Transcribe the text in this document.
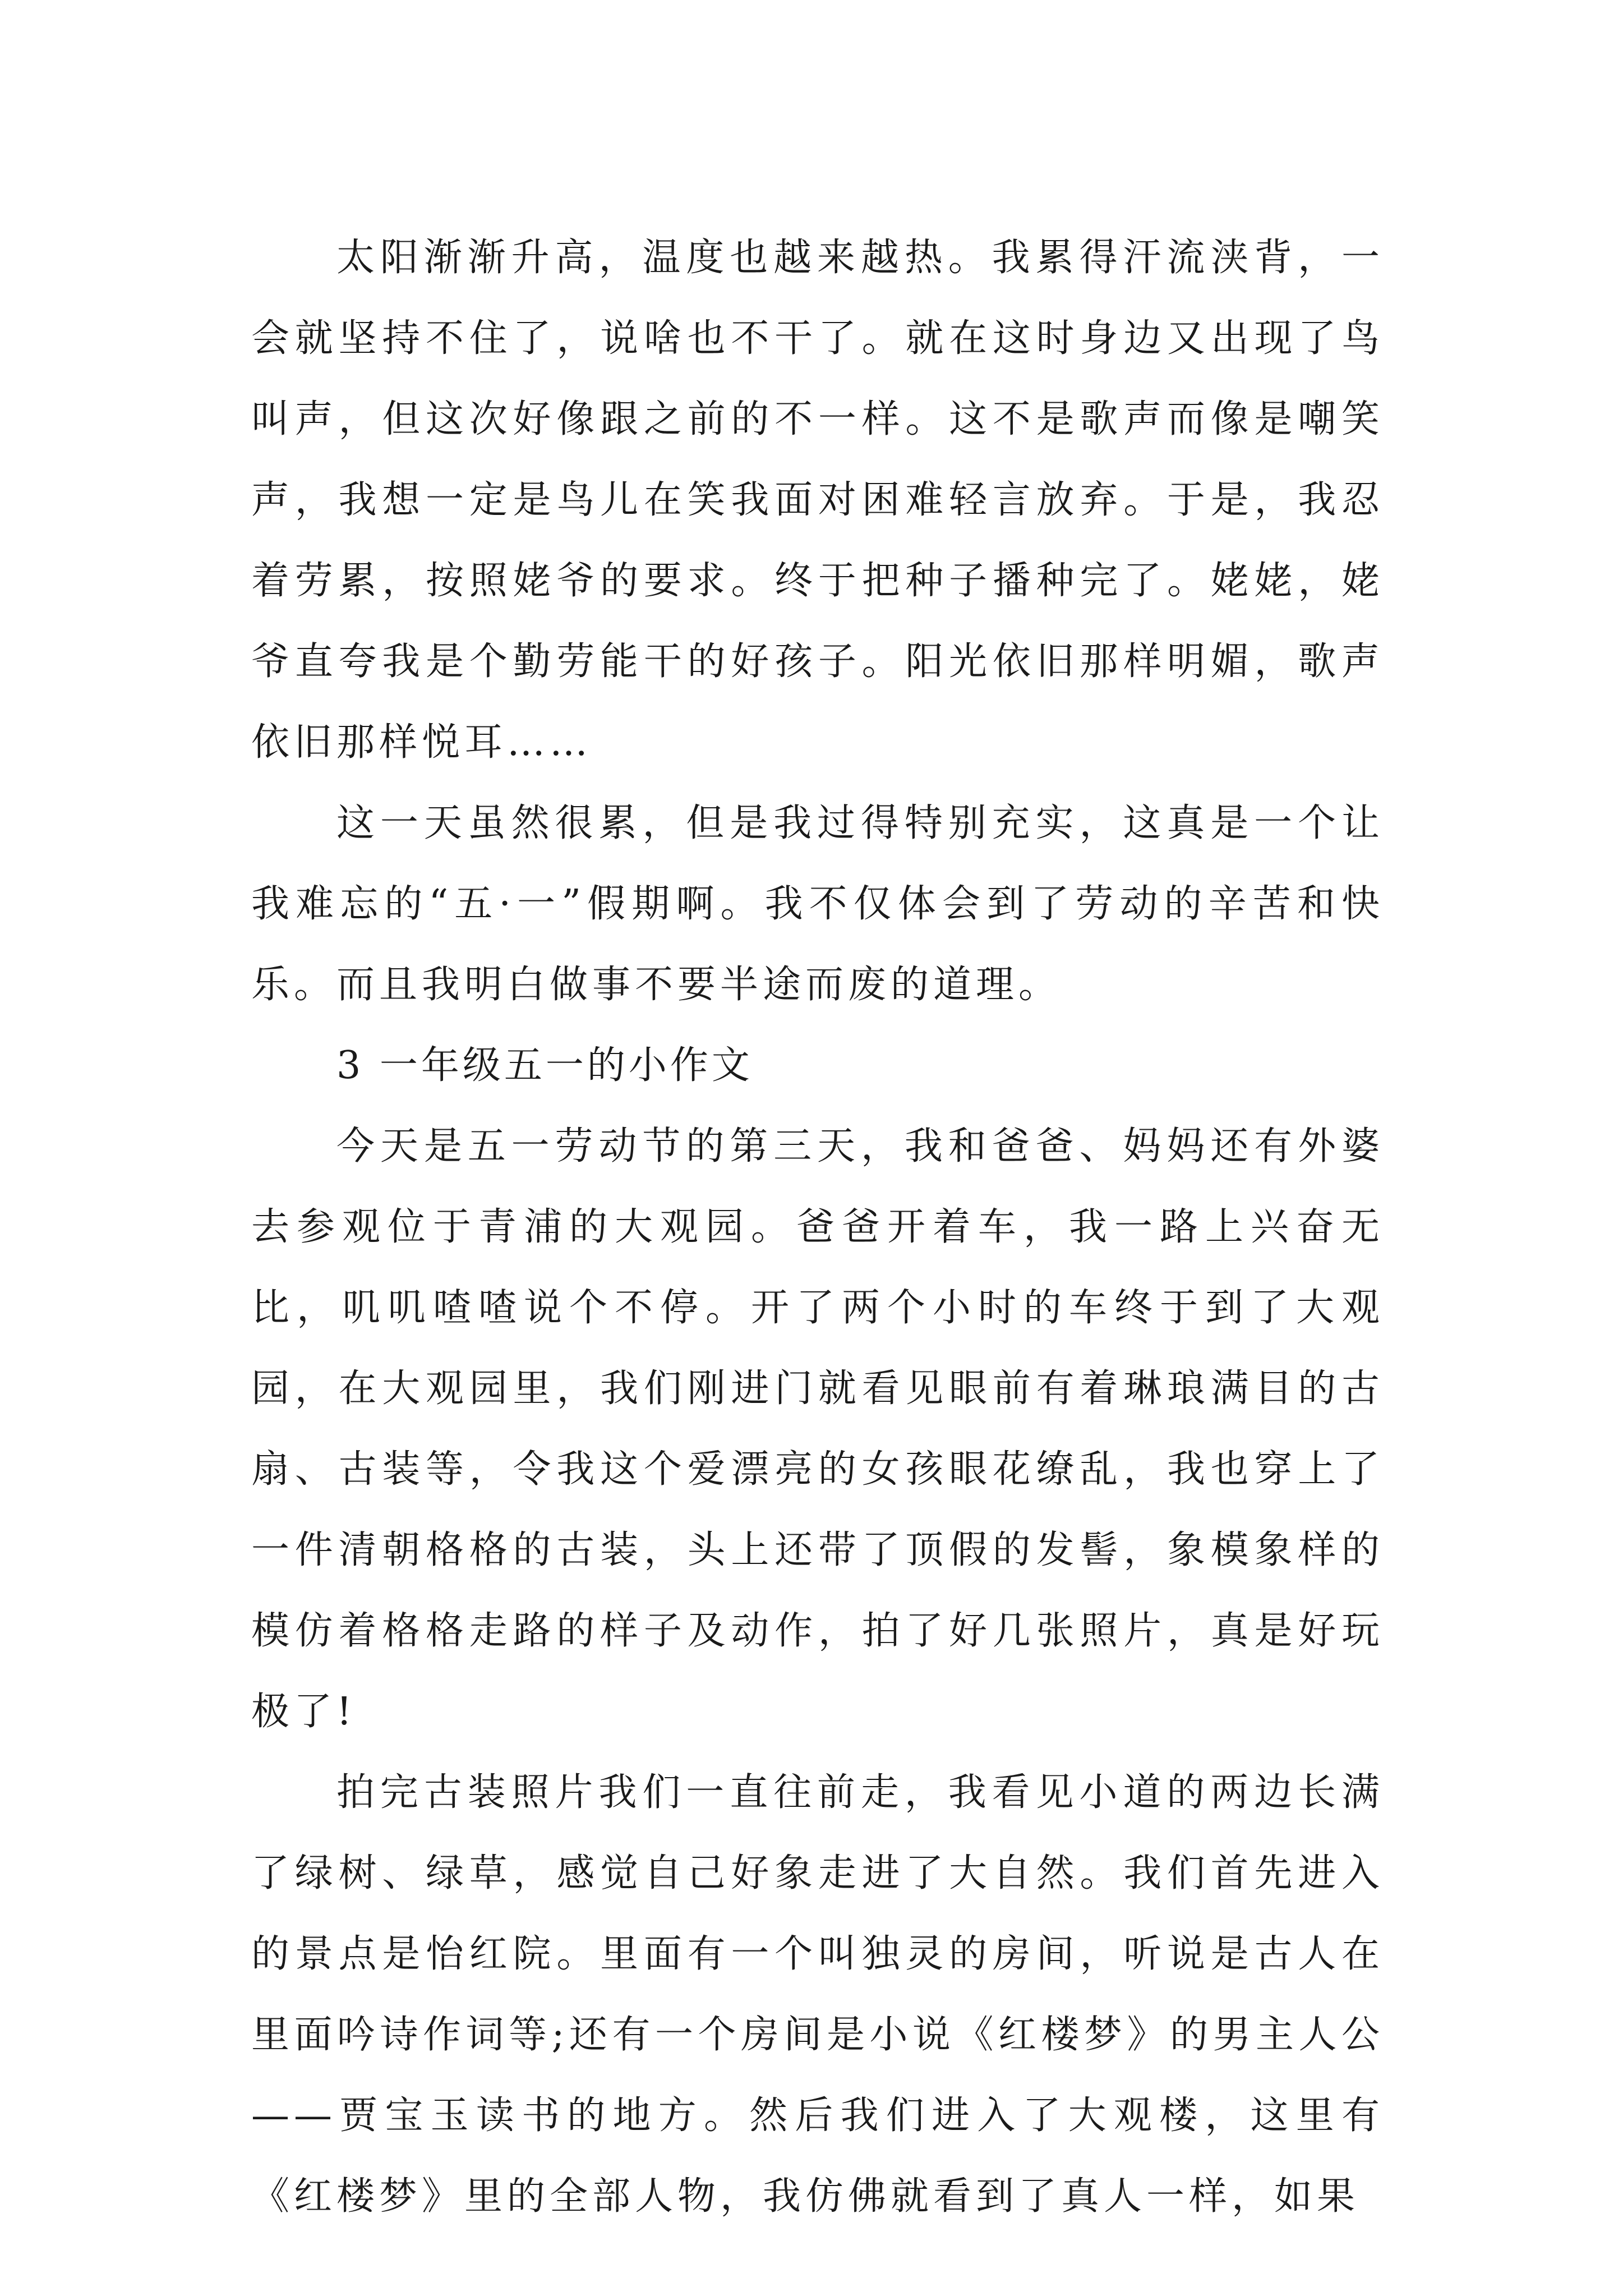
太阳渐渐升高，温度也越来越热。我累得汗流浃背，一会就坚持不住了，说啥也不干了。就在这时身边又出现了鸟叫声，但这次好像跟之前的不一样。这不是歌声而像是嘲笑声，我想一定是鸟儿在笑我面对困难轻言放弃。于是，我忍着劳累，按照姥爷的要求。终于把种子播种完了。姥姥，姥爷直夸我是个勤劳能干的好孩子。阳光依旧那样明媚，歌声依旧那样悦耳……

这一天虽然很累，但是我过得特别充实，这真是一个让我难忘的“五·一”假期啊。我不仅体会到了劳动的辛苦和快乐。而且我明白做事不要半途而废的道理。

3 一年级五一的小作文

今天是五一劳动节的第三天，我和爸爸、妈妈还有外婆去参观位于青浦的大观园。爸爸开着车，我一路上兴奋无比，叽叽喳喳说个不停。开了两个小时的车终于到了大观园，在大观园里，我们刚进门就看见眼前有着琳琅满目的古扇、古装等，令我这个爱漂亮的女孩眼花缭乱，我也穿上了一件清朝格格的古装，头上还带了顶假的发髻，象模象样的模仿着格格走路的样子及动作，拍了好几张照片，真是好玩极了!

拍完古装照片我们一直往前走，我看见小道的两边长满了绿树、绿草，感觉自己好象走进了大自然。我们首先进入的景点是怡红院。里面有一个叫独灵的房间，听说是古人在里面吟诗作词等;还有一个房间是小说《红楼梦》的男主人公——贾宝玉读书的地方。然后我们进入了大观楼，这里有《红楼梦》里的全部人物，我仿佛就看到了真人一样，如果
